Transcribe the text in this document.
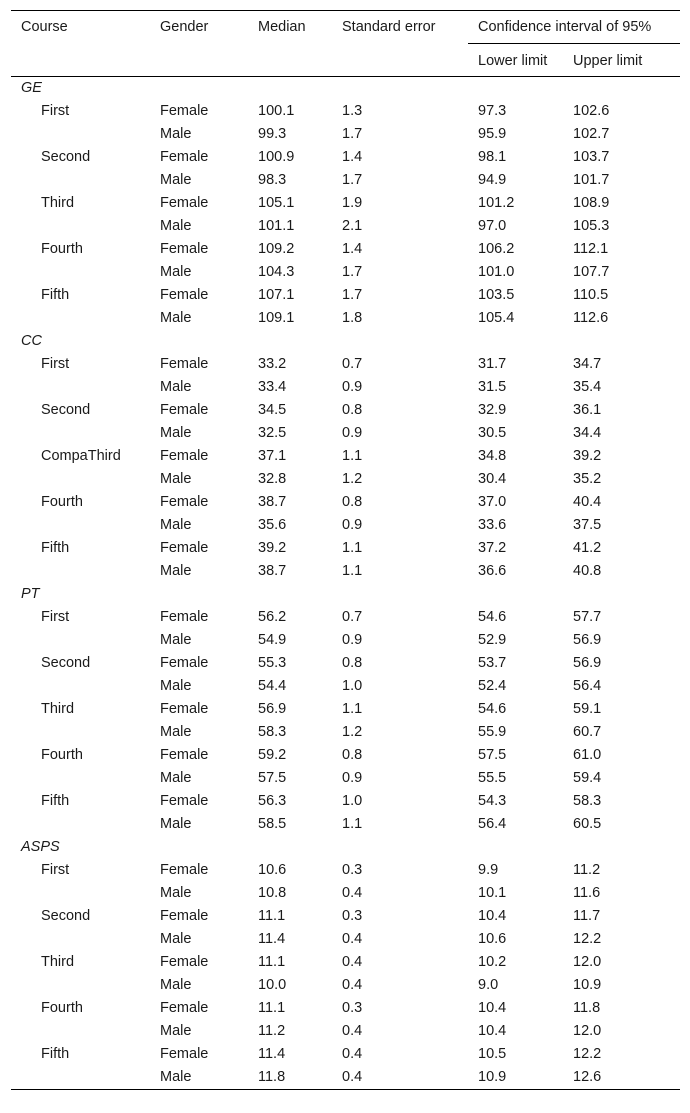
Course	Gender	Median	Standard error	Confidence interval of 95%	
				Lower limit	Upper limit
GE					
First	Female	100.1	1.3	97.3	102.6
	Male	99.3	1.7	95.9	102.7
Second	Female	100.9	1.4	98.1	103.7
	Male	98.3	1.7	94.9	101.7
Third	Female	105.1	1.9	101.2	108.9
	Male	101.1	2.1	97.0	105.3
Fourth	Female	109.2	1.4	106.2	112.1
	Male	104.3	1.7	101.0	107.7
Fifth	Female	107.1	1.7	103.5	110.5
	Male	109.1	1.8	105.4	112.6
CC					
First	Female	33.2	0.7	31.7	34.7
	Male	33.4	0.9	31.5	35.4
Second	Female	34.5	0.8	32.9	36.1
	Male	32.5	0.9	30.5	34.4
CompaThird	Female	37.1	1.1	34.8	39.2
	Male	32.8	1.2	30.4	35.2
Fourth	Female	38.7	0.8	37.0	40.4
	Male	35.6	0.9	33.6	37.5
Fifth	Female	39.2	1.1	37.2	41.2
	Male	38.7	1.1	36.6	40.8
PT					
First	Female	56.2	0.7	54.6	57.7
	Male	54.9	0.9	52.9	56.9
Second	Female	55.3	0.8	53.7	56.9
	Male	54.4	1.0	52.4	56.4
Third	Female	56.9	1.1	54.6	59.1
	Male	58.3	1.2	55.9	60.7
Fourth	Female	59.2	0.8	57.5	61.0
	Male	57.5	0.9	55.5	59.4
Fifth	Female	56.3	1.0	54.3	58.3
	Male	58.5	1.1	56.4	60.5
ASPS					
First	Female	10.6	0.3	9.9	11.2
	Male	10.8	0.4	10.1	11.6
Second	Female	11.1	0.3	10.4	11.7
	Male	11.4	0.4	10.6	12.2
Third	Female	11.1	0.4	10.2	12.0
	Male	10.0	0.4	9.0	10.9
Fourth	Female	11.1	0.3	10.4	11.8
	Male	11.2	0.4	10.4	12.0
Fifth	Female	11.4	0.4	10.5	12.2
	Male	11.8	0.4	10.9	12.6
